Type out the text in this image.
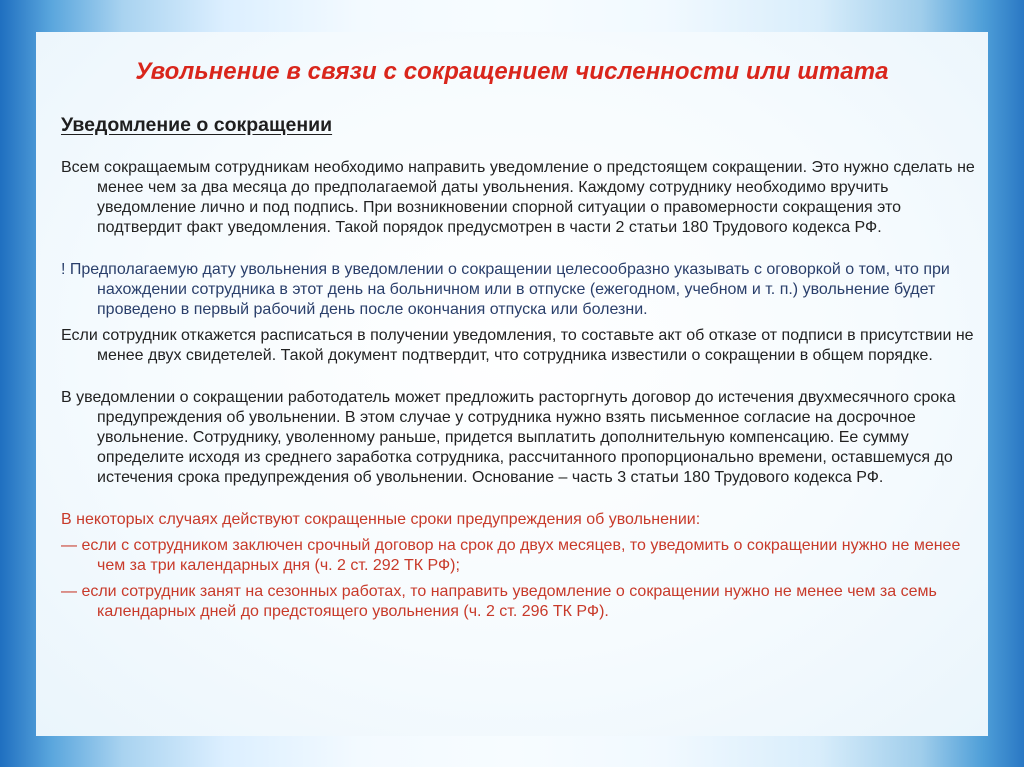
Увольнение в связи с сокращением численности или штата
Уведомление о сокращении

Всем сокращаемым сотрудникам необходимо направить уведомление о предстоящем сокращении. Это нужно сделать не менее чем за два месяца до предполагаемой даты увольнения. Каждому сотруднику необходимо вручить уведомление лично и под подпись. При возникновении спорной ситуации о правомерности сокращения это подтвердит факт уведомления. Такой порядок предусмотрен в части 2 статьи 180 Трудового кодекса РФ.

! Предполагаемую дату увольнения в уведомлении о сокращении целесообразно указывать с оговоркой о том, что при нахождении сотрудника в этот день на больничном или в отпуске (ежегодном, учебном и т. п.) увольнение будет проведено в первый рабочий день после окончания отпуска или болезни.

Если сотрудник откажется расписаться в получении уведомления, то составьте акт об отказе от подписи в присутствии не менее двух свидетелей. Такой документ подтвердит, что сотрудника известили о сокращении в общем порядке.

В уведомлении о сокращении работодатель может предложить расторгнуть договор до истечения двухмесячного срока предупреждения об увольнении. В этом случае у сотрудника нужно взять письменное согласие на досрочное увольнение. Сотруднику, уволенному раньше, придется выплатить дополнительную компенсацию. Ее сумму определите исходя из среднего заработка сотрудника, рассчитанного пропорционально времени, оставшемуся до истечения срока предупреждения об увольнении. Основание – часть 3 статьи 180 Трудового кодекса РФ.

В некоторых случаях действуют сокращенные сроки предупреждения об увольнении:

— если с сотрудником заключен срочный договор на срок до двух месяцев, то уведомить о сокращении нужно не менее чем за три календарных дня (ч. 2 ст. 292 ТК РФ);

— если сотрудник занят на сезонных работах, то направить уведомление о сокращении нужно не менее чем за семь календарных дней до предстоящего увольнения (ч. 2 ст. 296 ТК РФ).
